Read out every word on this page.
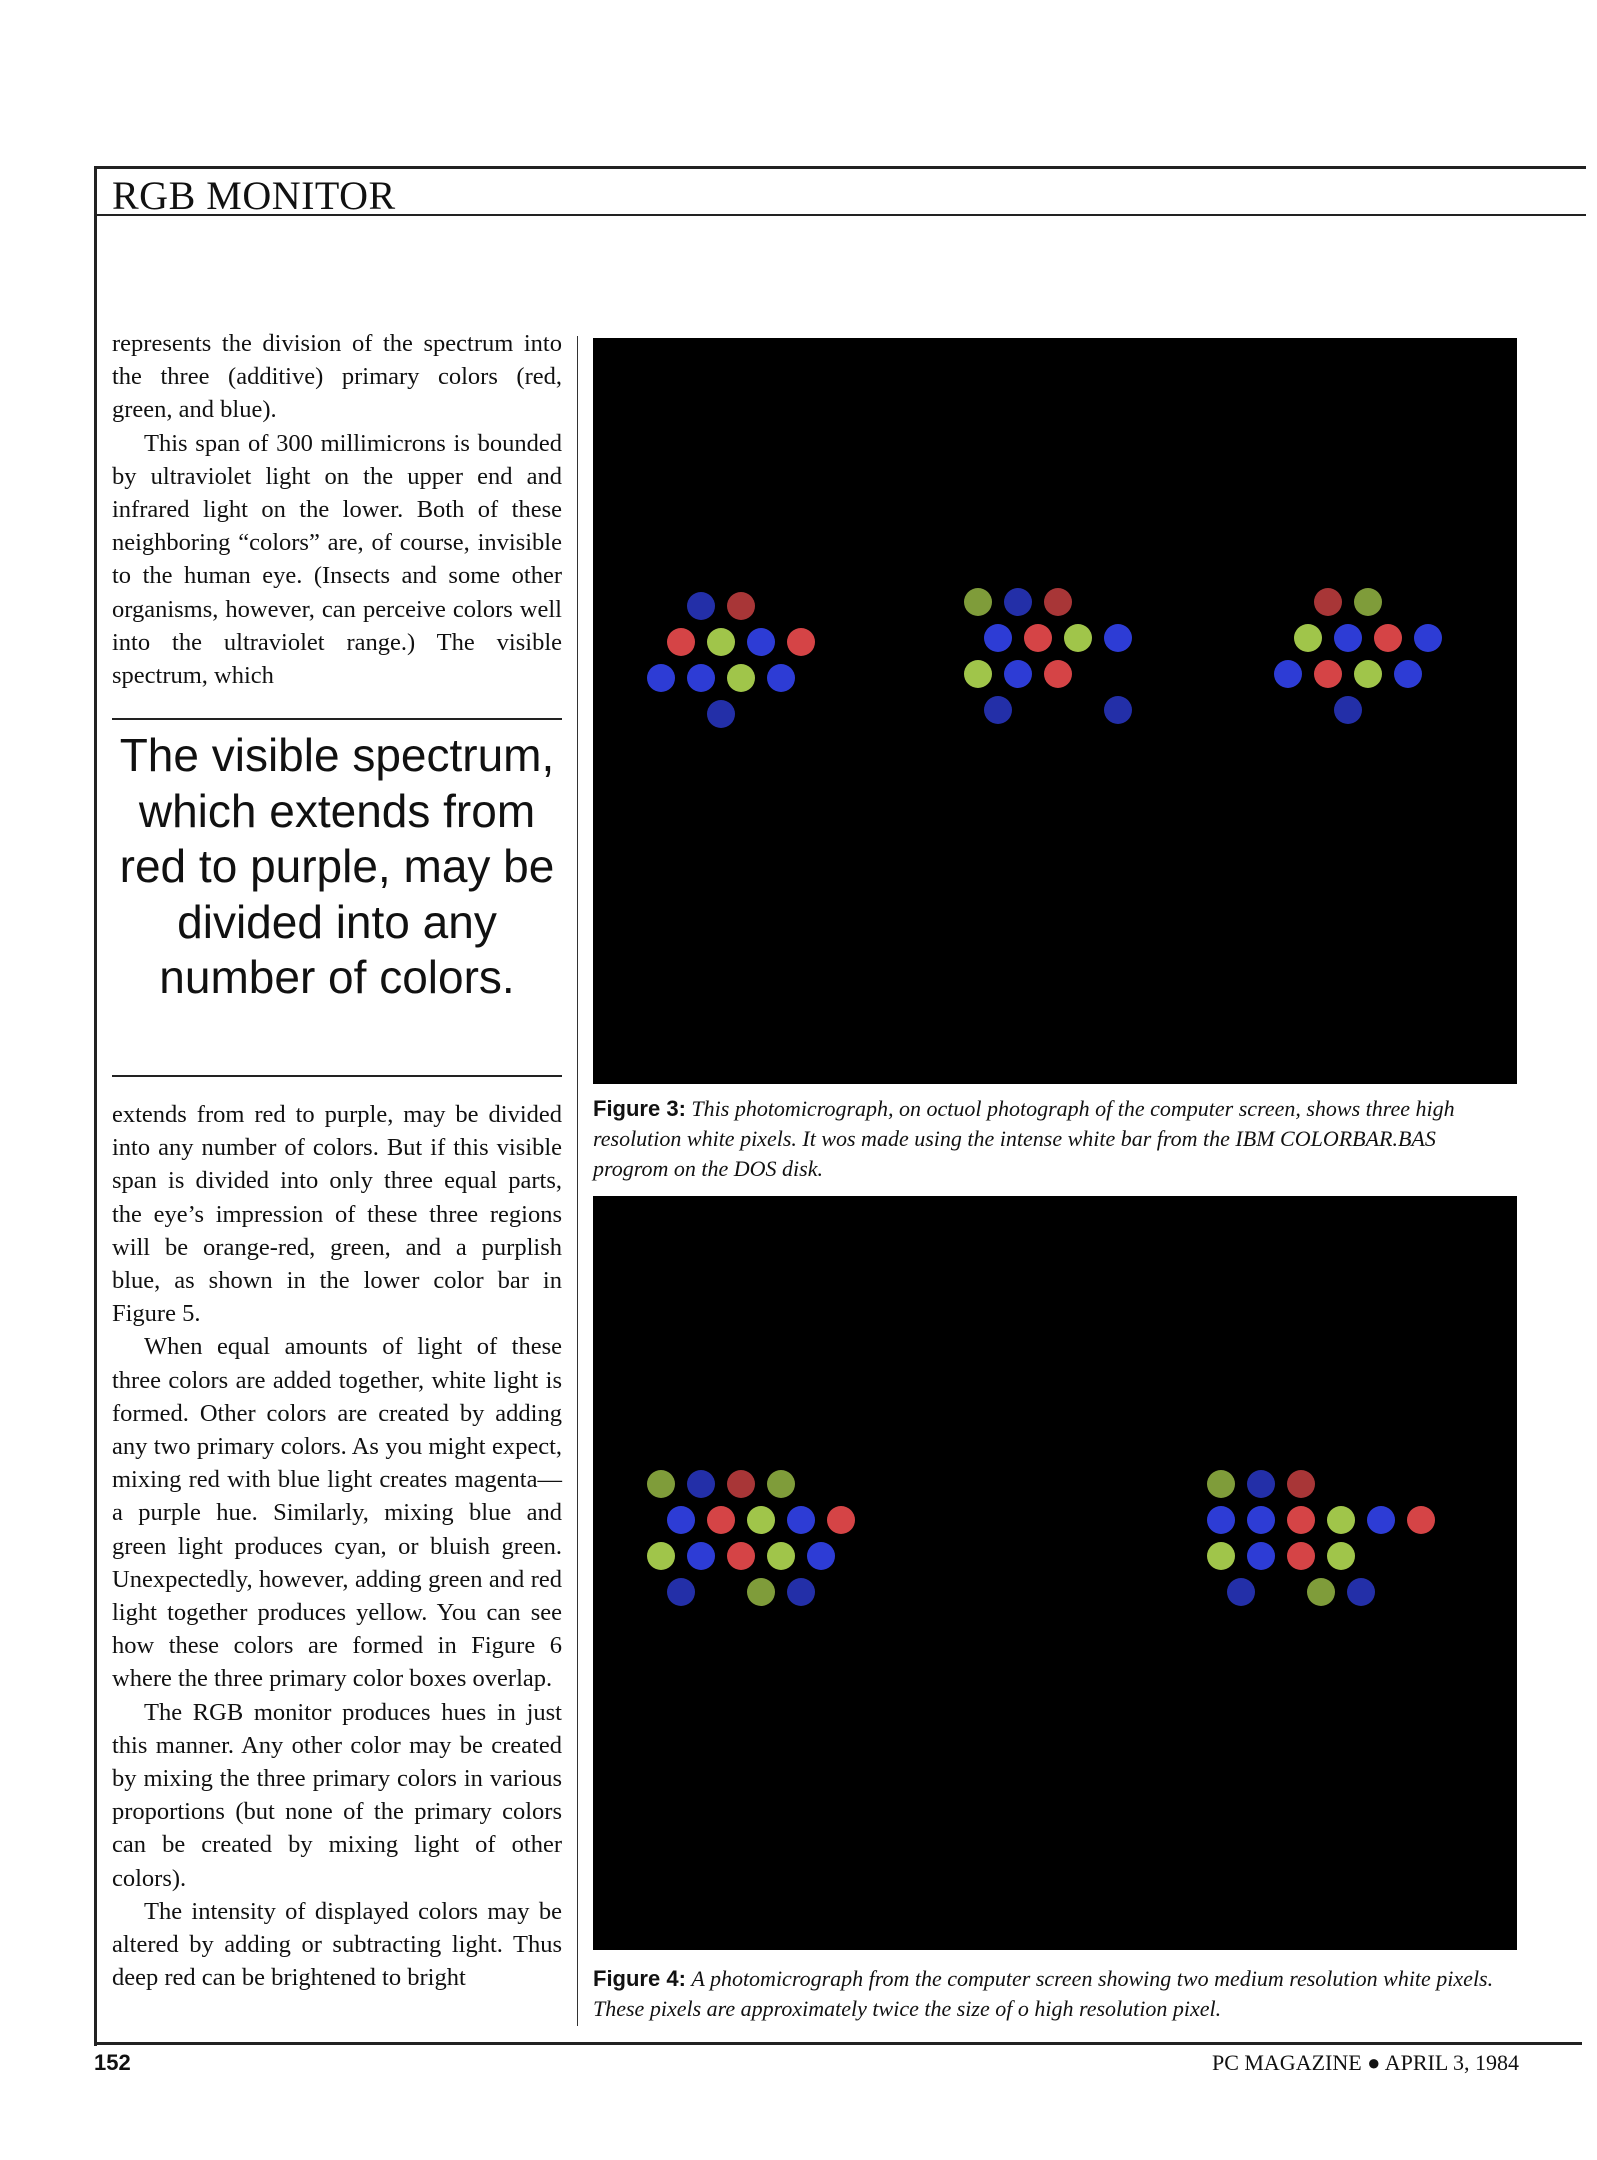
RGB MONITOR

represents the division of the spectrum into the three (additive) primary colors (red, green, and blue).

This span of 300 millimicrons is bounded by ultraviolet light on the upper end and infrared light on the lower. Both of these neighboring “colors” are, of course, invisible to the human eye. (Insects and some other organisms, however, can perceive colors well into the ultraviolet range.) The visible spectrum, which

The visible spectrum, which extends from red to purple, may be divided into any number of colors.

extends from red to purple, may be divided into any number of colors. But if this visible span is divided into only three equal parts, the eye’s impression of these three regions will be orange-red, green, and a purplish blue, as shown in the lower color bar in Figure 5.

When equal amounts of light of these three colors are added together, white light is formed. Other colors are created by adding any two primary colors. As you might expect, mixing red with blue light creates magenta—a purple hue. Similarly, mixing blue and green light produces cyan, or bluish green. Unexpectedly, however, adding green and red light together produces yellow. You can see how these colors are formed in Figure 6 where the three primary color boxes overlap.

The RGB monitor produces hues in just this manner. Any other color may be created by mixing the three primary colors in various proportions (but none of the primary colors can be created by mixing light of other colors).

The intensity of displayed colors may be altered by adding or subtracting light. Thus deep red can be brightened to bright

Figure 3: This photomicrograph, on octuol photograph of the computer screen, shows three high resolution white pixels. It wos made using the intense white bar from the IBM COLORBAR.BAS progrom on the DOS disk.
Figure 4: A photomicrograph from the computer screen showing two medium resolution white pixels. These pixels are approximately twice the size of o high resolution pixel.
152	PC MAGAZINE ● APRIL 3, 1984
